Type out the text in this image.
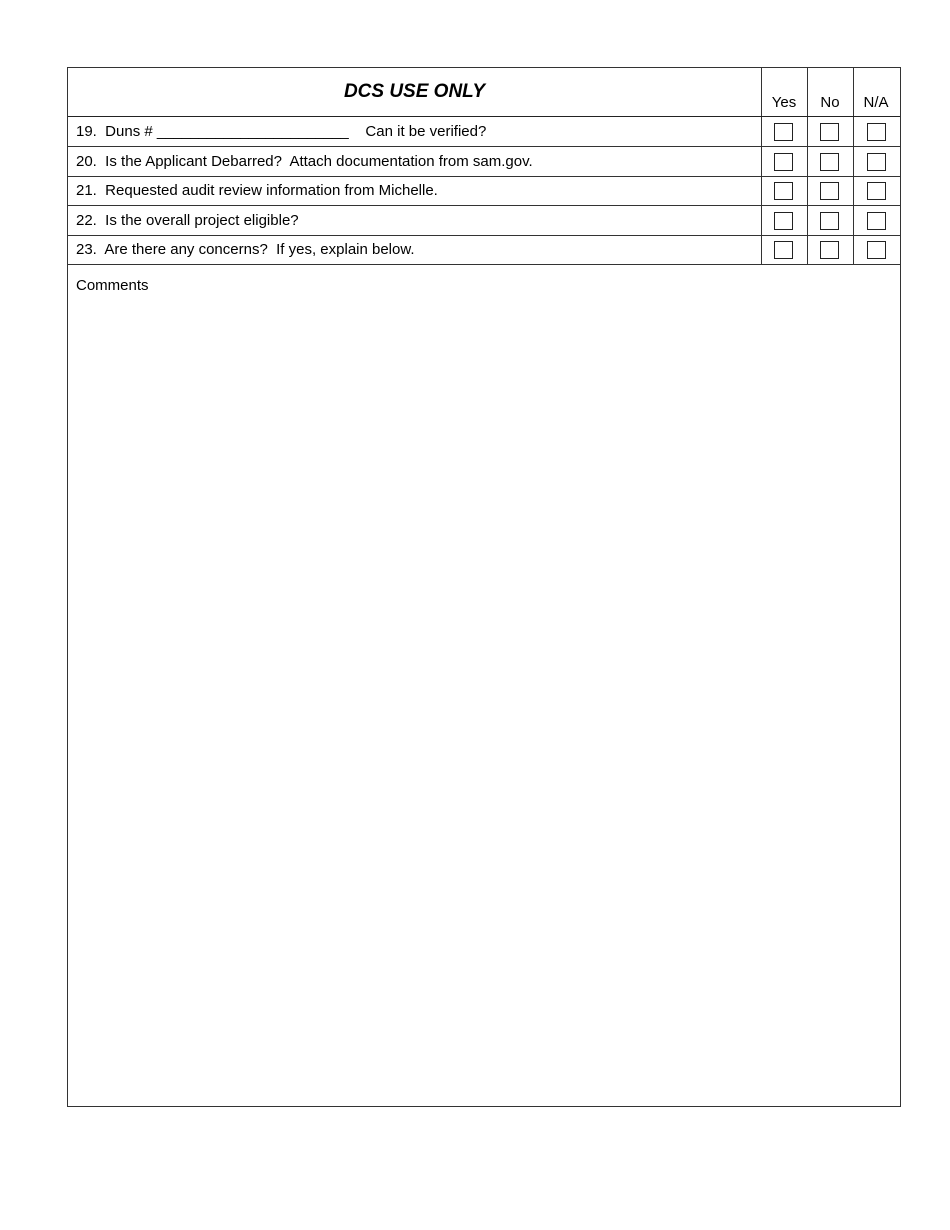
DCS USE ONLY
Yes	No	N/A
19.  Duns # _______________________    Can it be verified?
20.  Is the Applicant Debarred?  Attach documentation from sam.gov.
21.  Requested audit review information from Michelle.
22.  Is the overall project eligible?
23.  Are there any concerns?  If yes, explain below.
Comments
